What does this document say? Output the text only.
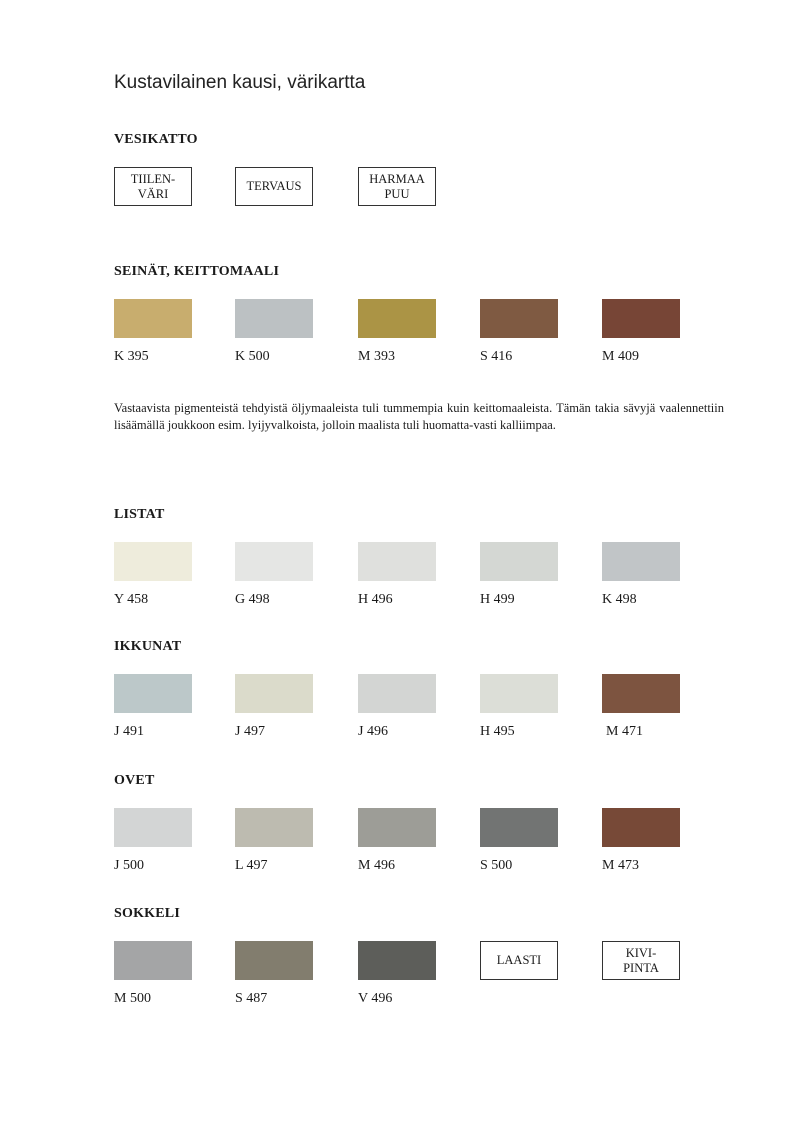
Kustavilainen kausi, värikartta
VESIKATTO
TIILEN-
VÄRI
TERVAUS
HARMAA
PUU
SEINÄT, KEITTOMAALI
K 395	K 500	M 393	S 416	M 409
Vastaavista pigmenteistä tehdyistä öljymaaleista tuli tummempia kuin keittomaaleista. Tämän takia sävyjä vaalennettiin lisäämällä joukkoon esim. lyijyvalkoista, jolloin maalista tuli huomatta-vasti kalliimpaa.
LISTAT
Y 458	G 498	H 496	H 499	K 498
IKKUNAT
J 491	J 497	J 496	H 495	M 471
OVET
J 500	L 497	M 496	S 500	M 473
SOKKELI
M 500	S 487	V 496
LAASTI
KIVI-
PINTA
